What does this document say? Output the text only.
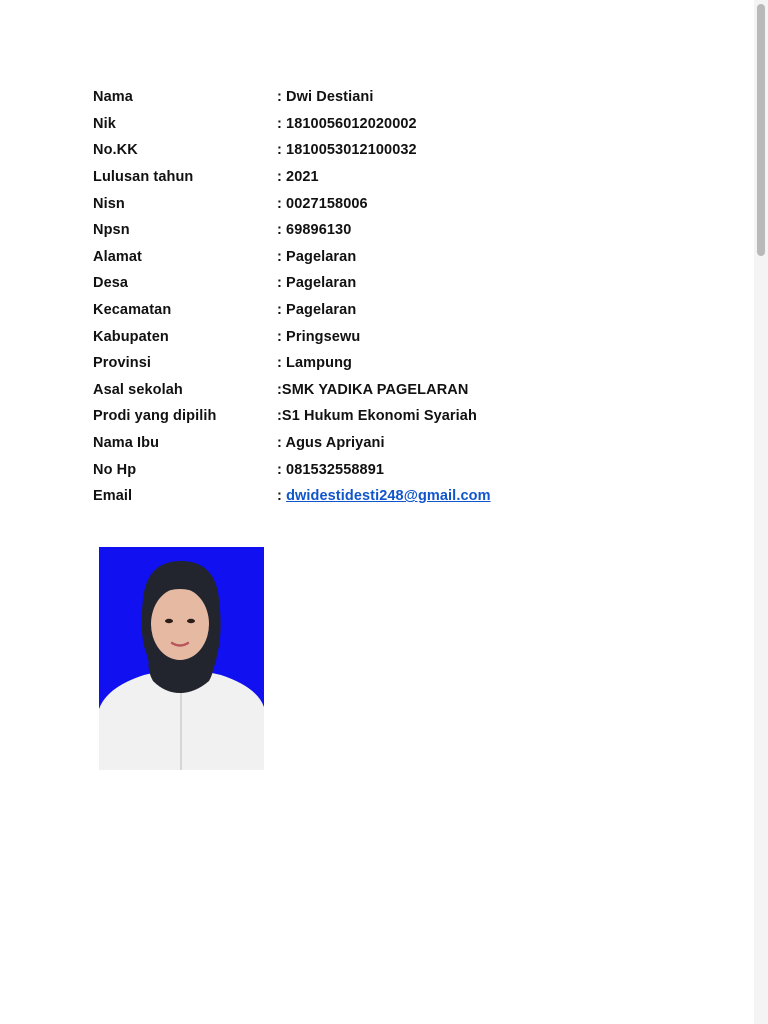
Nama	: Dwi Destiani
Nik	: 1810056012020002
No.KK	: 1810053012100032
Lulusan tahun	: 2021
Nisn	: 0027158006
Npsn	: 69896130
Alamat	: Pagelaran
Desa	: Pagelaran
Kecamatan	: Pagelaran
Kabupaten	: Pringsewu
Provinsi	: Lampung
Asal sekolah	:SMK YADIKA PAGELARAN
Prodi yang dipilih	:S1 Hukum Ekonomi Syariah
Nama Ibu	: Agus Apriyani
No Hp	: 081532558891
Email	: dwidestidesti248@gmail.com
